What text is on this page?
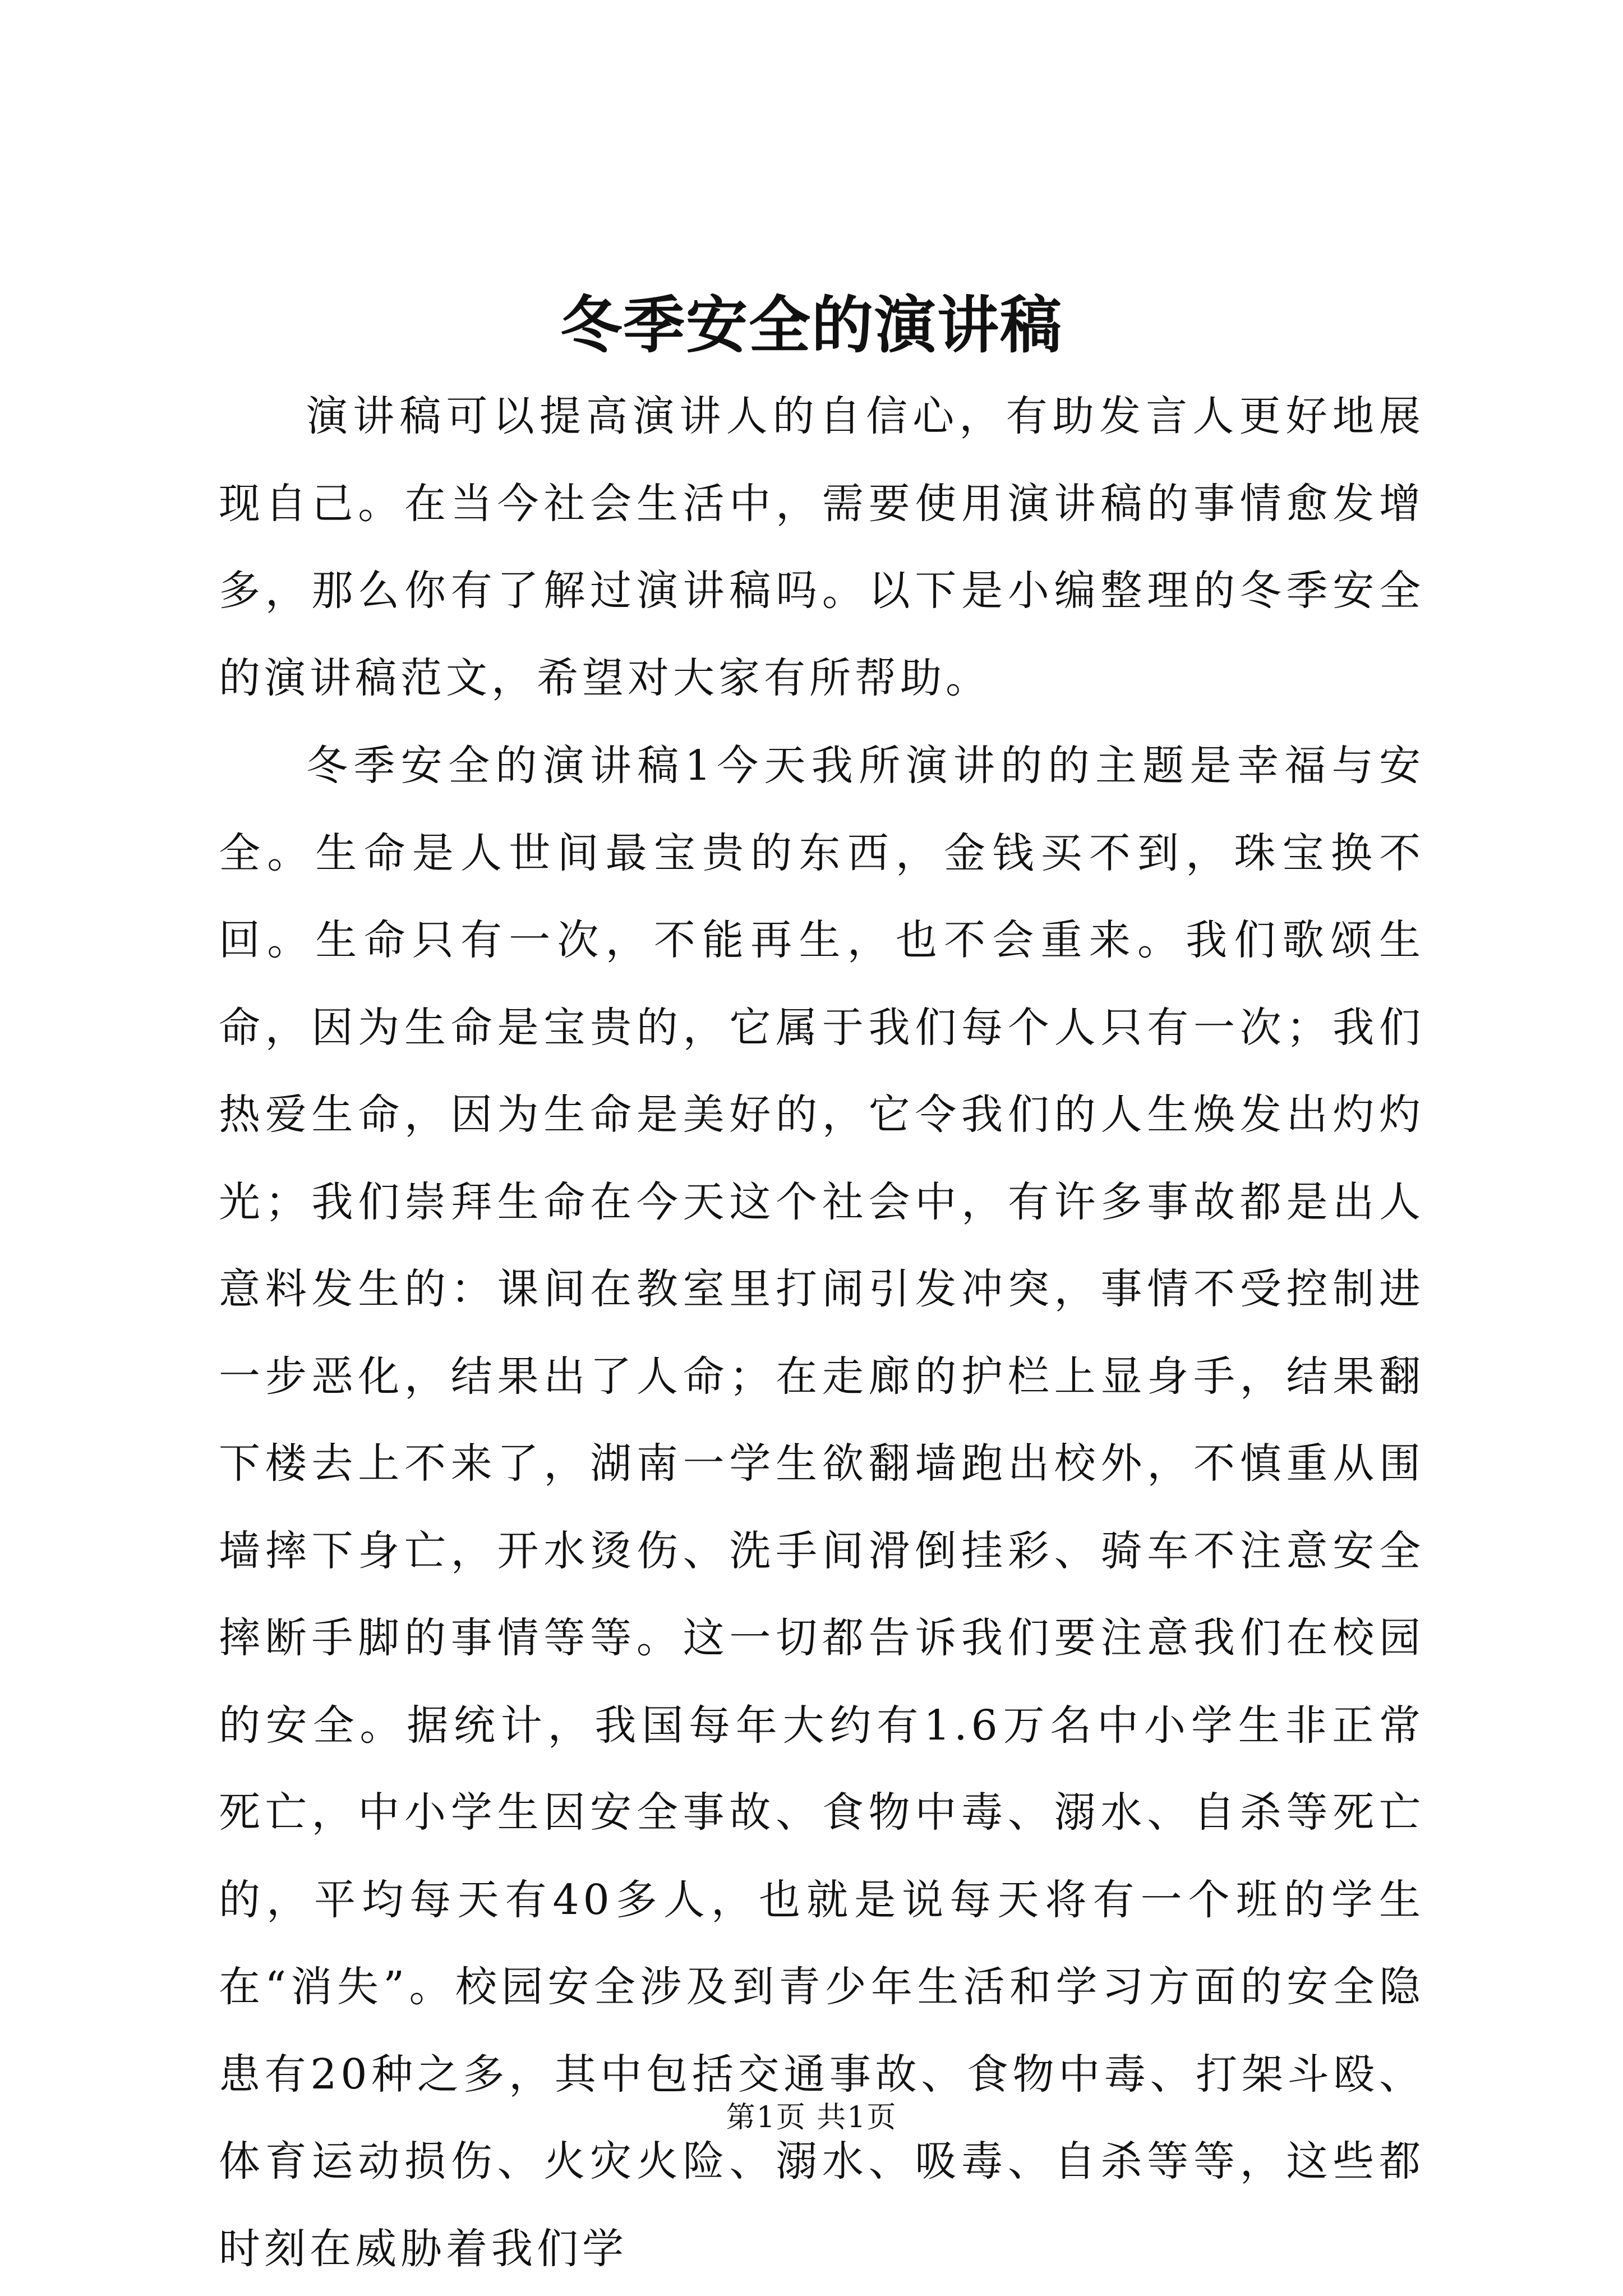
冬季安全的演讲稿

演讲稿可以提高演讲人的自信心，有助发言人更好地展现自己。在当今社会生活中，需要使用演讲稿的事情愈发增多，那么你有了解过演讲稿吗。以下是小编整理的冬季安全的演讲稿范文，希望对大家有所帮助。

冬季安全的演讲稿1今天我所演讲的的主题是幸福与安全。生命是人世间最宝贵的东西，金钱买不到，珠宝换不回。生命只有一次，不能再生，也不会重来。我们歌颂生命，因为生命是宝贵的，它属于我们每个人只有一次；我们热爱生命，因为生命是美好的，它令我们的人生焕发出灼灼光；我们崇拜生命在今天这个社会中，有许多事故都是出人意料发生的：课间在教室里打闹引发冲突，事情不受控制进一步恶化，结果出了人命；在走廊的护栏上显身手，结果翻下楼去上不来了，湖南一学生欲翻墙跑出校外，不慎重从围墙摔下身亡，开水烫伤、洗手间滑倒挂彩、骑车不注意安全摔断手脚的事情等等。这一切都告诉我们要注意我们在校园的安全。据统计，我国每年大约有1.6万名中小学生非正常死亡，中小学生因安全事故、食物中毒、溺水、自杀等死亡的，平均每天有40多人，也就是说每天将有一个班的学生在“消失”。校园安全涉及到青少年生活和学习方面的安全隐患有20种之多，其中包括交通事故、食物中毒、打架斗殴、体育运动损伤、火灾火险、溺水、吸毒、自杀等等，这些都时刻在威胁着我们学

第1页 共1页
